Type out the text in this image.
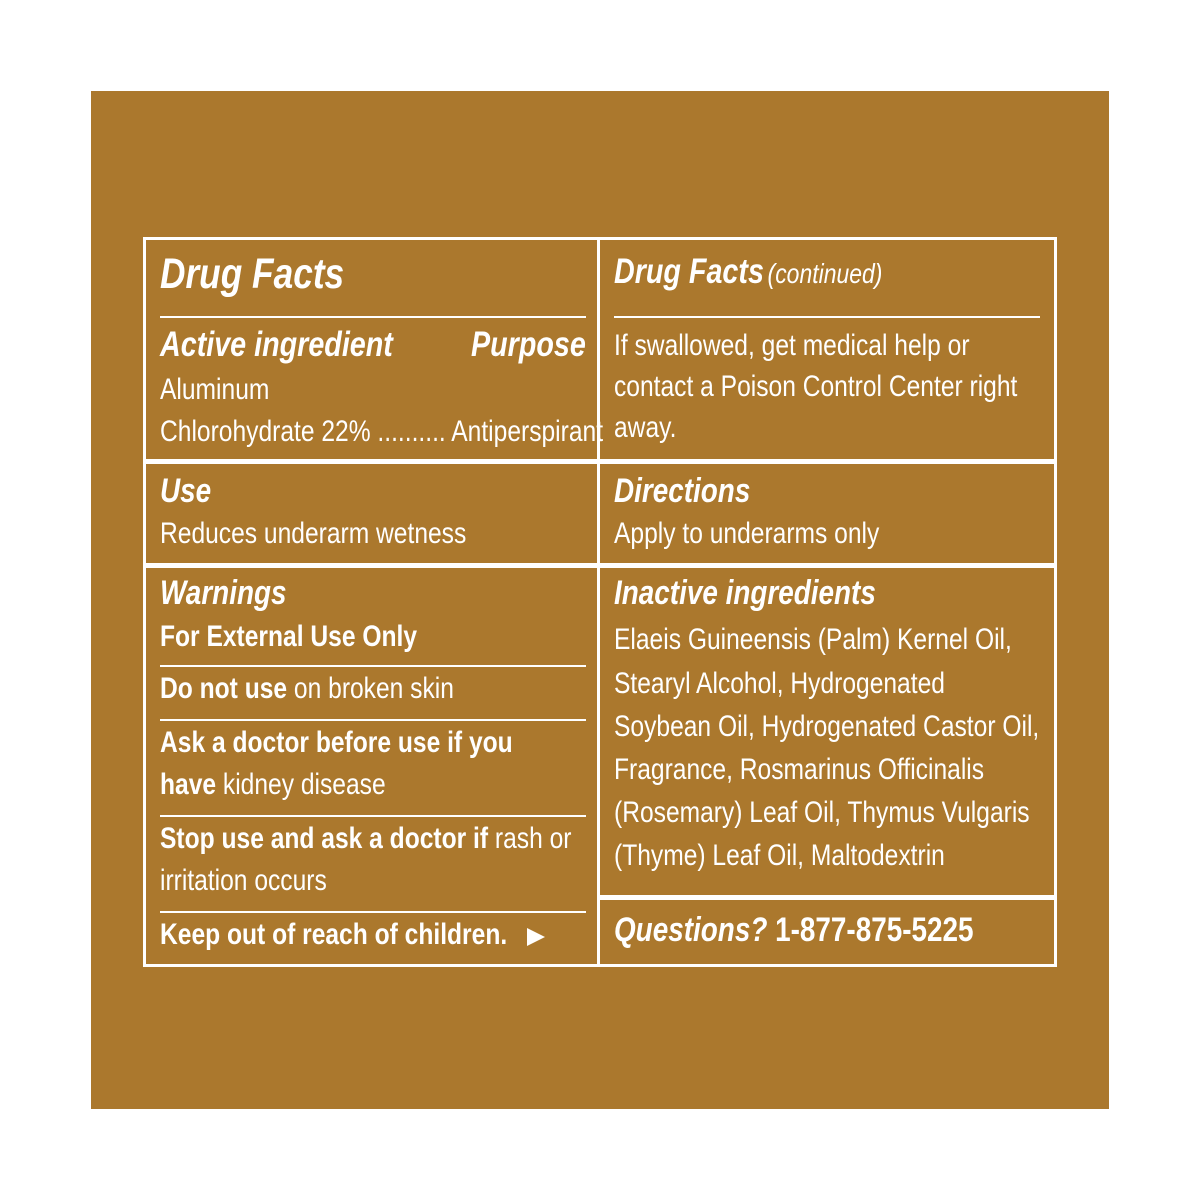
Drug Facts
Active ingredient	Purpose
Aluminum
Chlorohydrate 22% .......... Antiperspirant
Use
Reduces underarm wetness
Warnings
For External Use Only
Do not use on broken skin
Ask a doctor before use if you
have kidney disease
Stop use and ask a doctor if rash or
irritation occurs
Keep out of reach of children.
Drug Facts (continued)
If swallowed, get medical help or
contact a Poison Control Center right
away.
Directions
Apply to underarms only
Inactive ingredients
Elaeis Guineensis (Palm) Kernel Oil,
Stearyl Alcohol, Hydrogenated
Soybean Oil, Hydrogenated Castor Oil,
Fragrance, Rosmarinus Officinalis
(Rosemary) Leaf Oil, Thymus Vulgaris
(Thyme) Leaf Oil, Maltodextrin
Questions? 1-877-875-5225
